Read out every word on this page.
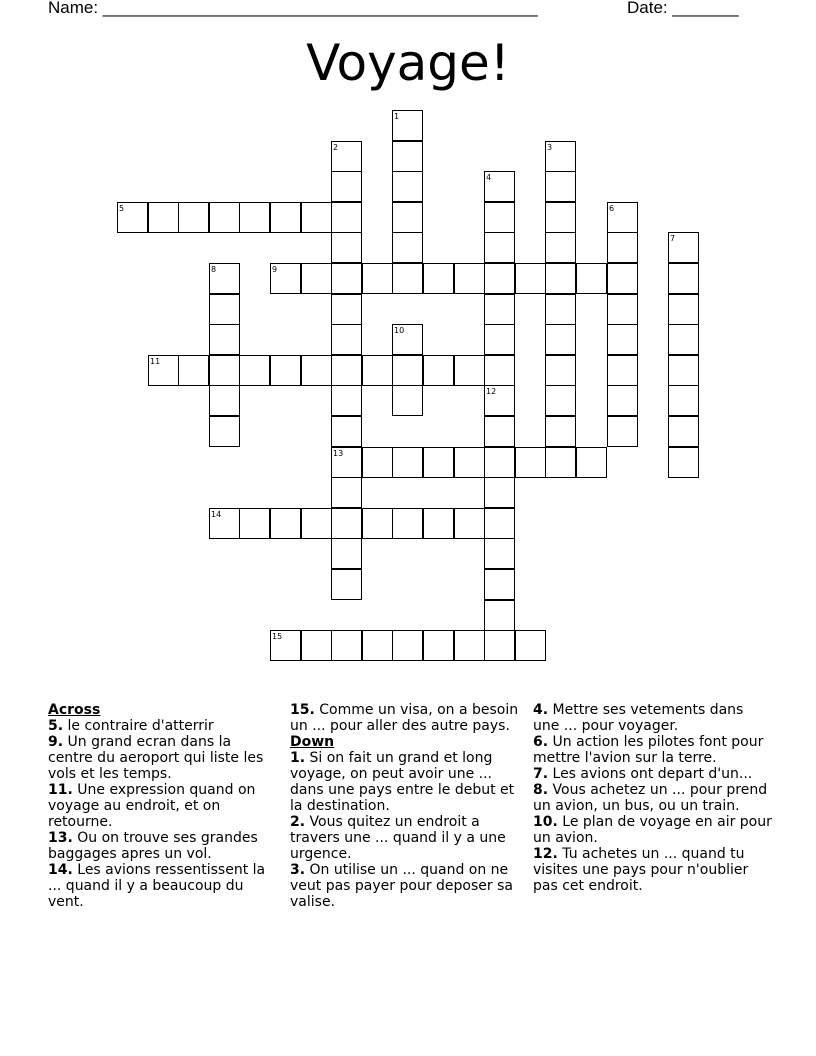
Name: ______________________________________________	Date: _______
Voyage!
5
9
11
13
14
15
1
2	3
4
6
7
8
10
12
Across
5. le contraire d'atterrir
9. Un grand ecran dans la centre du aeroport qui liste les vols et les temps.
11. Une expression quand on voyage au endroit, et on retourne.
13. Ou on trouve ses grandes baggages apres un vol.
14. Les avions ressentissent la ... quand il y a beaucoup du vent.
15. Comme un visa, on a besoin un ... pour aller des autre pays.
Down
1. Si on fait un grand et long voyage, on peut avoir une ... dans une pays entre le debut et la destination.
2. Vous quitez un endroit a travers une ... quand il y a une urgence.
3. On utilise un ... quand on ne veut pas payer pour deposer sa valise.
4. Mettre ses vetements dans une ... pour voyager.
6. Un action les pilotes font pour mettre l'avion sur la terre.
7. Les avions ont depart d'un...
8. Vous achetez un ... pour prend un avion, un bus, ou un train.
10. Le plan de voyage en air pour un avion.
12. Tu achetes un ... quand tu visites une pays pour n'oublier pas cet endroit.
